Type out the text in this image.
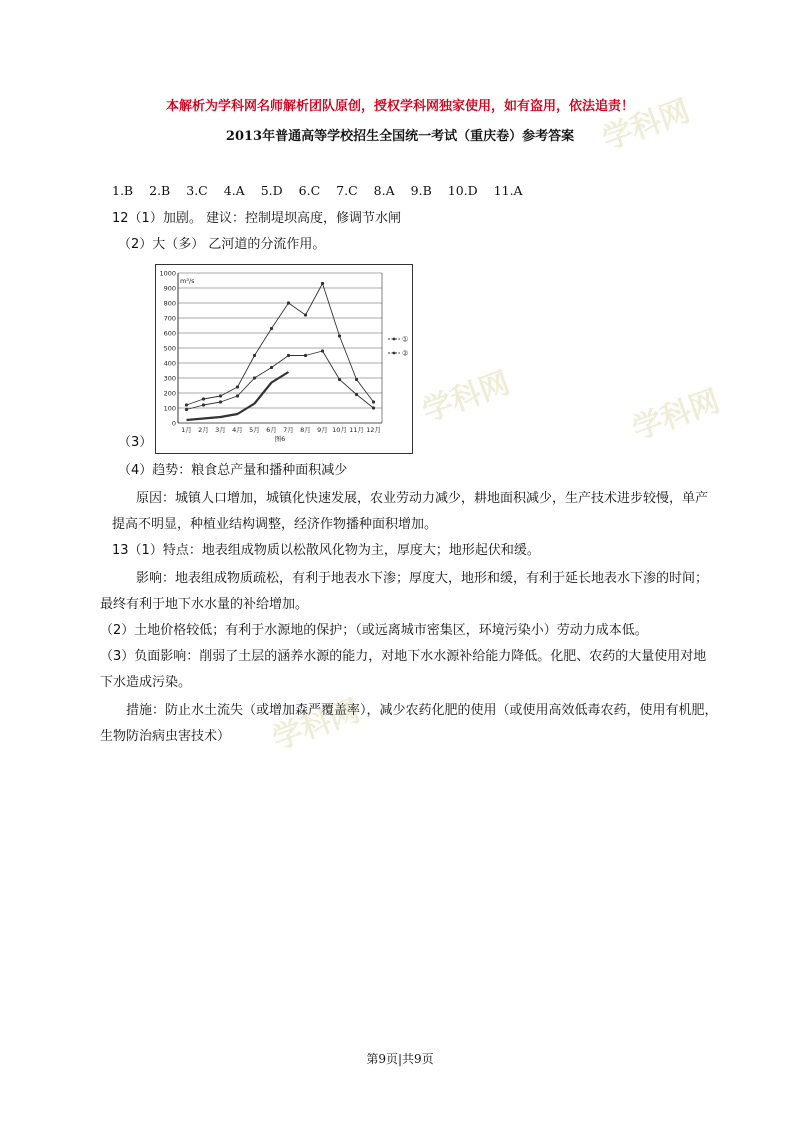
学科网
学科网	学科网
学科网
本解析为学科网名师解析团队原创，授权学科网独家使用，如有盗用，依法追责！
2013年普通高等学校招生全国统一考试（重庆卷）参考答案
1.B 2.B 3.C 4.A 5.D 6.C 7.C 8.A 9.B 10.D 11.A
12（1）加剧。 建议：控制堤坝高度，修调节水闸
（2）大（多） 乙河道的分流作用。
0
100
200
300
400
500
600
700
800
900
1000
m³/s
1月 2月 3月 4月 5月 6月 7月 8月 9月 10月 11月 12月
图6
①
②
（3）
（4）趋势：粮食总产量和播种面积减少
原因：城镇人口增加，城镇化快速发展，农业劳动力减少，耕地面积减少，生产技术进步较慢，单产
提高不明显，种植业结构调整，经济作物播种面积增加。
13（1）特点：地表组成物质以松散风化物为主，厚度大；地形起伏和缓。
影响：地表组成物质疏松，有利于地表水下渗；厚度大，地形和缓，有利于延长地表水下渗的时间；
最终有利于地下水水量的补给增加。
（2）土地价格较低；有利于水源地的保护；（或远离城市密集区，环境污染小）劳动力成本低。
（3）负面影响：削弱了土层的涵养水源的能力，对地下水水源补给能力降低。化肥、农药的大量使用对地
下水造成污染。
措施：防止水土流失（或增加森严覆盖率），减少农药化肥的使用（或使用高效低毒农药，使用有机肥，
生物防治病虫害技术）
第9页|共9页
